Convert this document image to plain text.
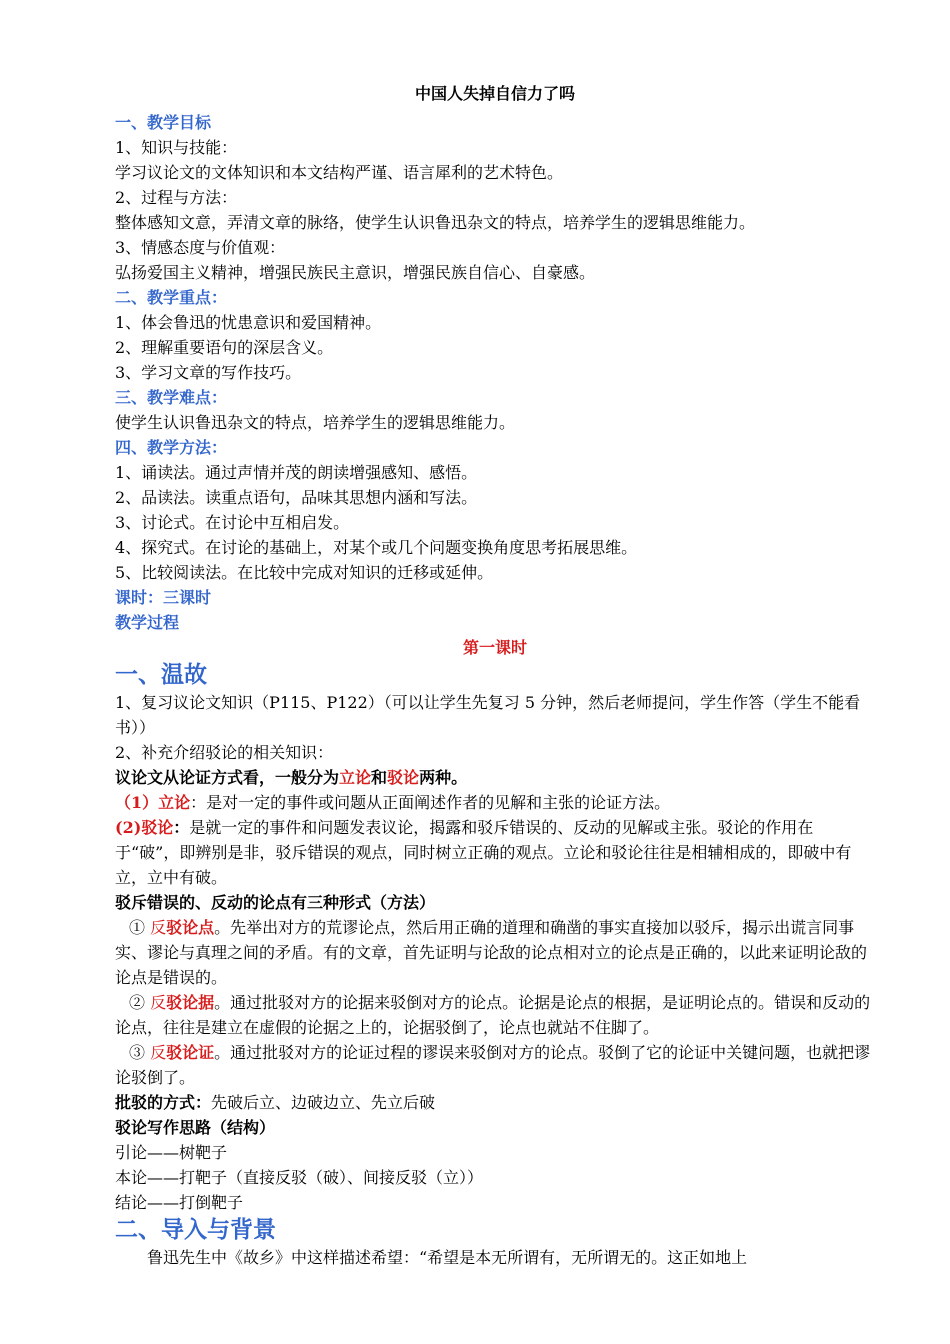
中国人失掉自信力了吗

一、教学目标

1、知识与技能：

学习议论文的文体知识和本文结构严谨、语言犀利的艺术特色。

2、过程与方法：

整体感知文意，弄清文章的脉络，使学生认识鲁迅杂文的特点，培养学生的逻辑思维能力。

3、情感态度与价值观：

弘扬爱国主义精神，增强民族民主意识，增强民族自信心、自豪感。

二、教学重点：

1、体会鲁迅的忧患意识和爱国精神。

2、理解重要语句的深层含义。

3、学习文章的写作技巧。

三、教学难点：

使学生认识鲁迅杂文的特点，培养学生的逻辑思维能力。

四、教学方法：

1、诵读法。通过声情并茂的朗读增强感知、感悟。

2、品读法。读重点语句，品味其思想内涵和写法。

3、讨论式。在讨论中互相启发。

4、探究式。在讨论的基础上，对某个或几个问题变换角度思考拓展思维。

5、比较阅读法。在比较中完成对知识的迁移或延伸。

课时：三课时

教学过程

第一课时

一、温故

1、复习议论文知识（P115、P122）（可以让学生先复习 5 分钟，然后老师提问，学生作答（学生不能看书））

2、补充介绍驳论的相关知识：

议论文从论证方式看，一般分为立论和驳论两种。

（1）立论：是对一定的事件或问题从正面阐述作者的见解和主张的论证方法。

(2)驳论：是就一定的事件和问题发表议论，揭露和驳斥错误的、反动的见解或主张。驳论的作用在于“破”，即辨别是非，驳斥错误的观点，同时树立正确的观点。立论和驳论往往是相辅相成的，即破中有立，立中有破。

驳斥错误的、反动的论点有三种形式（方法）

① 反驳论点。先举出对方的荒谬论点，然后用正确的道理和确凿的事实直接加以驳斥，揭示出谎言同事实、谬论与真理之间的矛盾。有的文章，首先证明与论敌的论点相对立的论点是正确的，以此来证明论敌的论点是错误的。

② 反驳论据。通过批驳对方的论据来驳倒对方的论点。论据是论点的根据，是证明论点的。错误和反动的论点，往往是建立在虚假的论据之上的，论据驳倒了，论点也就站不住脚了。

③ 反驳论证。通过批驳对方的论证过程的谬误来驳倒对方的论点。驳倒了它的论证中关键问题，也就把谬论驳倒了。

批驳的方式：先破后立、边破边立、先立后破

驳论写作思路（结构）

引论——树靶子

本论——打靶子（直接反驳（破）、间接反驳（立））

结论——打倒靶子

二、导入与背景

鲁迅先生中《故乡》中这样描述希望：“希望是本无所谓有，无所谓无的。这正如地上
